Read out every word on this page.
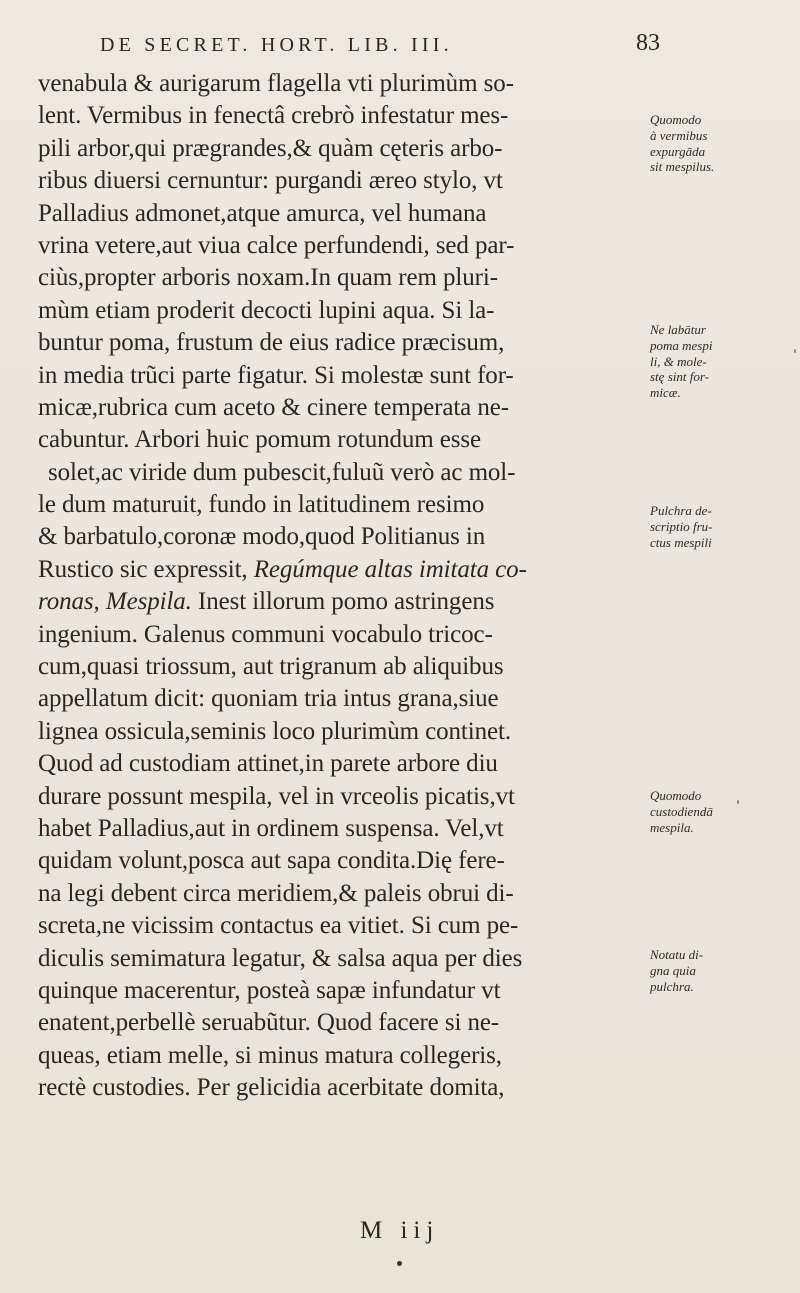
DE SECRET. HORT. LIB. III.	83
venabula & aurigarum flagella vti plurimùm so-
lent. Vermibus in fenectâ crebrò infestatur mes-
pili arbor,qui prægrandes,& quàm cęteris arbo-
ribus diuersi cernuntur: purgandi æreo stylo, vt
Palladius admonet,atque amurca, vel humana
vrina vetere,aut viua calce perfundendi, sed par-
ciùs,propter arboris noxam.In quam rem pluri-
mùm etiam proderit decocti lupini aqua. Si la-
buntur poma, frustum de eius radice præcisum,
in media trũci parte figatur. Si molestæ sunt for-
micæ,rubrica cum aceto & cinere temperata ne-
cabuntur. Arbori huic pomum rotundum esse
solet,ac viride dum pubescit,fuluũ verò ac mol-
le dum maturuit, fundo in latitudinem resimo
& barbatulo,coronæ modo,quod Politianus in
Rustico sic expressit, Regúmque altas imitata co-
ronas, Mespila. Inest illorum pomo astringens
ingenium. Galenus communi vocabulo tricoc-
cum,quasi triossum, aut trigranum ab aliquibus
appellatum dicit: quoniam tria intus grana,siue
lignea ossicula,seminis loco plurimùm continet.
Quod ad custodiam attinet,in parete arbore diu
durare possunt mespila, vel in vrceolis picatis,vt
habet Palladius,aut in ordinem suspensa. Vel,vt
quidam volunt,posca aut sapa condita.Dię fere-
na legi debent circa meridiem,& paleis obrui di-
screta,ne vicissim contactus ea vitiet. Si cum pe-
diculis semimatura legatur, & salsa aqua per dies
quinque macerentur, posteà sapæ infundatur vt
enatent,perbellè seruabũtur. Quod facere si ne-
queas, etiam melle, si minus matura collegeris,
rectè custodies. Per gelicidia acerbitate domita,
Quomodo
à vermibus
expurgāda
sit mespilus.
Ne labātur
poma mespi
li, & mole-
stę sint for-
micæ.
Pulchra de-
scriptio fru-
ctus mespili
Quomodo
custodiendā
mespila.
Notatu di-
gna quia
pulchra.
M iij
